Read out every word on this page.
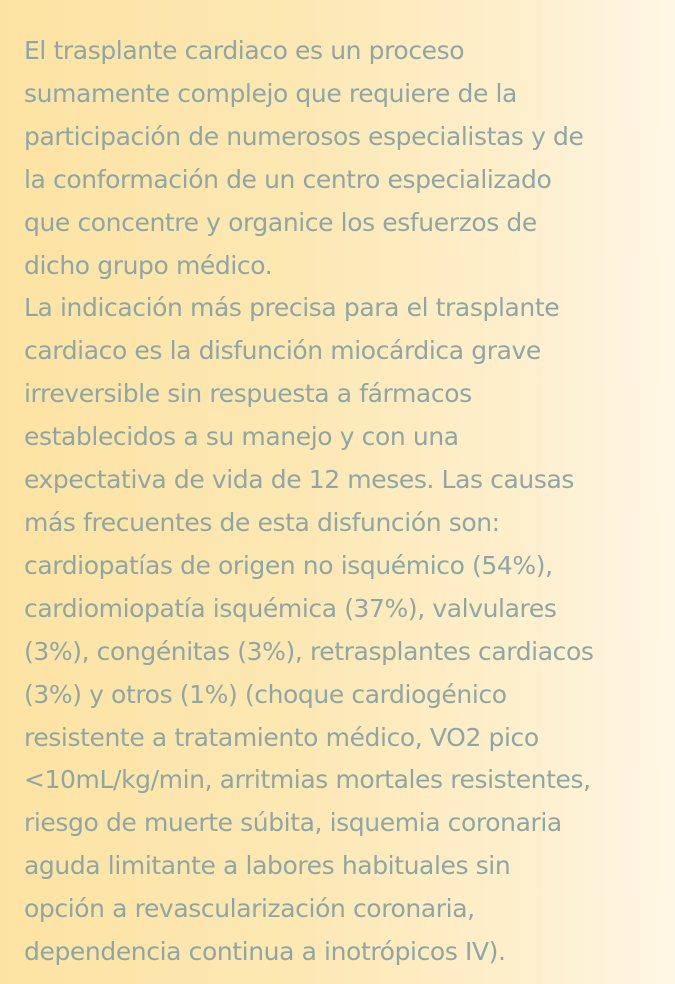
El trasplante cardiaco es un proceso
sumamente complejo que requiere de la
participación de numerosos especialistas y de
la conformación de un centro especializado
que concentre y organice los esfuerzos de
dicho grupo médico.

La indicación más precisa para el trasplante
cardiaco es la disfunción miocárdica grave
irreversible sin respuesta a fármacos
establecidos a su manejo y con una
expectativa de vida de 12 meses. Las causas
más frecuentes de esta disfunción son:
cardiopatías de origen no isquémico (54%),
cardiomiopatía isquémica (37%), valvulares
(3%), congénitas (3%), retrasplantes cardiacos
(3%) y otros (1%) (choque cardiogénico
resistente a tratamiento médico, VO2 pico
<10mL/kg/min, arritmias mortales resistentes,
riesgo de muerte súbita, isquemia coronaria
aguda limitante a labores habituales sin
opción a revascularización coronaria,
dependencia continua a inotrópicos IV).
